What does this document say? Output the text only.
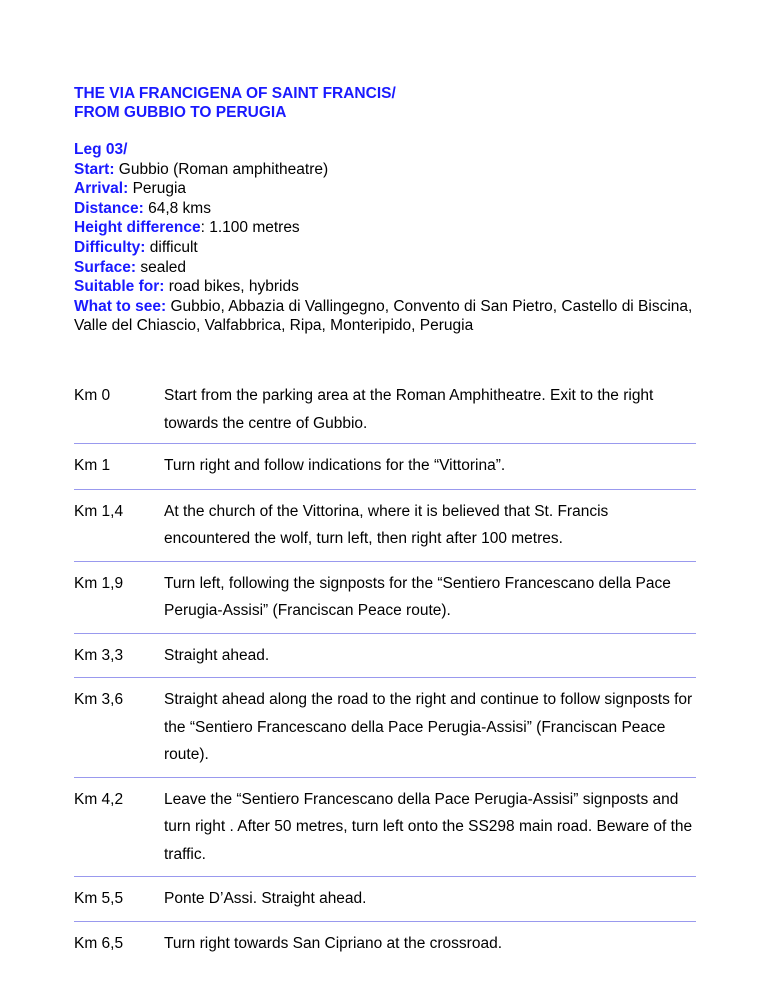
THE VIA FRANCIGENA OF SAINT FRANCIS/
FROM GUBBIO TO PERUGIA
Leg 03/
Start: Gubbio (Roman amphitheatre)
Arrival: Perugia
Distance: 64,8 kms
Height difference: 1.100 metres
Difficulty: difficult
Surface: sealed
Suitable for: road bikes, hybrids
What to see: Gubbio, Abbazia di Vallingegno, Convento di San Pietro, Castello di Biscina, Valle del Chiascio, Valfabbrica, Ripa, Monteripido, Perugia
Km 0	Start from the parking area at the Roman Amphitheatre. Exit to the right towards the centre of Gubbio.
Km 1	Turn right and follow indications for the “Vittorina”.
Km 1,4	At the church of the Vittorina, where it is believed that St. Francis encountered the wolf, turn left, then right after 100 metres.
Km 1,9	Turn left, following the signposts for the “Sentiero Francescano della Pace Perugia-Assisi” (Franciscan Peace route).
Km 3,3	Straight ahead.
Km 3,6	Straight ahead along the road to the right and continue to follow signposts for the “Sentiero Francescano della Pace Perugia-Assisi” (Franciscan Peace route).
Km 4,2	Leave the “Sentiero Francescano della Pace Perugia-Assisi” signposts and turn right . After 50 metres, turn left onto the SS298 main road. Beware of the traffic.
Km 5,5	Ponte D’Assi. Straight ahead.
Km 6,5	Turn right towards San Cipriano at the crossroad.
